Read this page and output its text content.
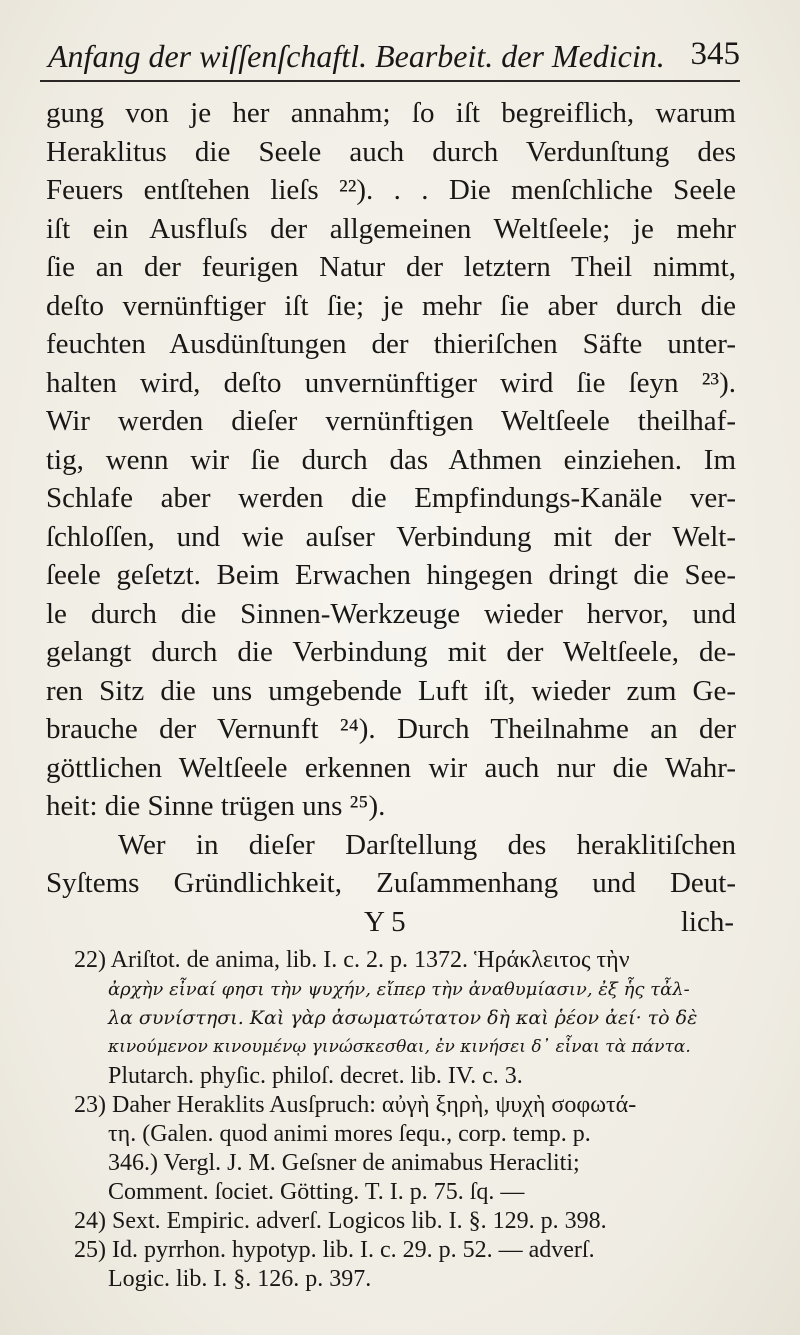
Anfang der wiſſenſchaftl. Bearbeit. der Medicin. 345
gung von je her annahm; ſo iſt begreiflich, warum
Heraklitus die Seele auch durch Verdunſtung des
Feuers entſtehen lieſs ²²). . . Die menſchliche Seele
iſt ein Ausfluſs der allgemeinen Weltſeele; je mehr
ſie an der feurigen Natur der letztern Theil nimmt,
deſto vernünftiger iſt ſie; je mehr ſie aber durch die
feuchten Ausdünſtungen der thieriſchen Säfte unter-
halten wird, deſto unvernünftiger wird ſie ſeyn ²³).
Wir werden dieſer vernünftigen Weltſeele theilhaf-
tig, wenn wir ſie durch das Athmen einziehen. Im
Schlafe aber werden die Empfindungs-Kanäle ver-
ſchloſſen, und wie auſser Verbindung mit der Welt-
ſeele geſetzt. Beim Erwachen hingegen dringt die See-
le durch die Sinnen-Werkzeuge wieder hervor, und
gelangt durch die Verbindung mit der Weltſeele, de-
ren Sitz die uns umgebende Luft iſt, wieder zum Ge-
brauche der Vernunft ²⁴). Durch Theilnahme an der
göttlichen Weltſeele erkennen wir auch nur die Wahr-
heit: die Sinne trügen uns ²⁵).
Wer in dieſer Darſtellung des heraklitiſchen
Syſtems Gründlichkeit, Zuſammenhang und Deut-
Y 5	lich-
22) Ariſtot. de anima, lib. I. c. 2. p. 1372. Ἡράκλειτος τὴν
ἀρχὴν εἶναί φησι τὴν ψυχήν, εἴπερ τὴν ἀναθυμίασιν, ἐξ ἧς τἆλ-
λα συνίστησι. Καὶ γὰρ ἀσωματώτατον δὴ καὶ ῥέον ἀεί· τὸ δὲ
κινούμενον κινουμένῳ γινώσκεσθαι, ἐν κινήσει δ᾽ εἶναι τὰ πάντα.
Plutarch. phyſic. philoſ. decret. lib. IV. c. 3.
23) Daher Heraklits Ausſpruch: αὐγὴ ξηρὴ, ψυχὴ σοφωτά-
τη. (Galen. quod animi mores ſequ., corp. temp. p.
346.) Vergl. J. M. Geſsner de animabus Heracliti;
Comment. ſociet. Götting. T. I. p. 75. ſq. —
24) Sext. Empiric. adverſ. Logicos lib. I. §. 129. p. 398.
25) Id. pyrrhon. hypotyp. lib. I. c. 29. p. 52. — adverſ.
Logic. lib. I. §. 126. p. 397.
